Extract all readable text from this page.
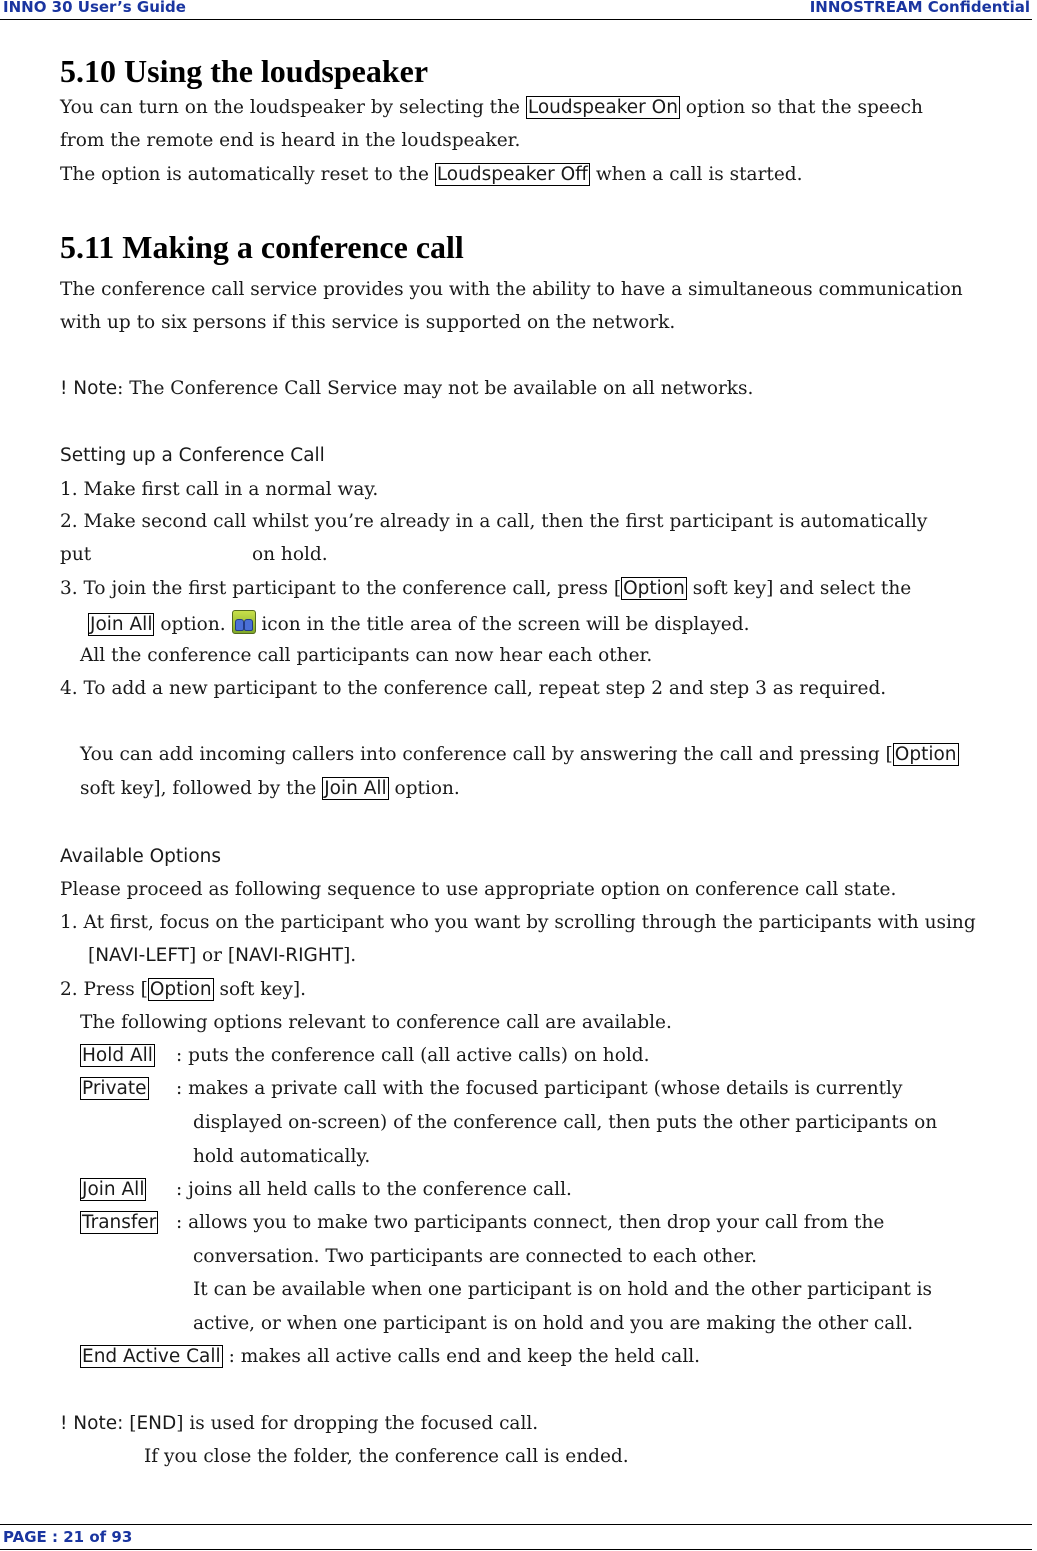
INNO 30 User’s Guide	INNOSTREAM Confidential
5.10 Using the loudspeaker
You can turn on the loudspeaker by selecting the Loudspeaker On option so that the speech
from the remote end is heard in the loudspeaker.
The option is automatically reset to the Loudspeaker Off when a call is started.
5.11 Making a conference call
The conference call service provides you with the ability to have a simultaneous communication
with up to six persons if this service is supported on the network.
! Note: The Conference Call Service may not be available on all networks.
Setting up a Conference Call
1. Make first call in a normal way.
2. Make second call whilst you’re already in a call, then the first participant is automatically
put	on hold.
3. To join the first participant to the conference call, press [ Option soft key] and select the
Join All option.
icon in the title area of the screen will be displayed.
All the conference call participants can now hear each other.
4. To add a new participant to the conference call, repeat step 2 and step 3 as required.
You can add incoming callers into conference call by answering the call and pressing [ Option
soft key], followed by the Join All option.
Available Options
Please proceed as following sequence to use appropriate option on conference call state.
1. At first, focus on the participant who you want by scrolling through the participants with using
[NAVI-LEFT] or [NAVI-RIGHT].
2. Press [ Option soft key].
The following options relevant to conference call are available.
Hold All : puts the conference call (all active calls) on hold.
Private : makes a private call with the focused participant (whose details is currently
displayed on-screen) of the conference call, then puts the other participants on
hold automatically.
Join All : joins all held calls to the conference call.
Transfer : allows you to make two participants connect, then drop your call from the
conversation. Two participants are connected to each other.
It can be available when one participant is on hold and the other participant is
active, or when one participant is on hold and you are making the other call.
End Active Call : makes all active calls end and keep the held call.
! Note: [END] is used for dropping the focused call.
If you close the folder, the conference call is ended.
PAGE : 21 of 93
